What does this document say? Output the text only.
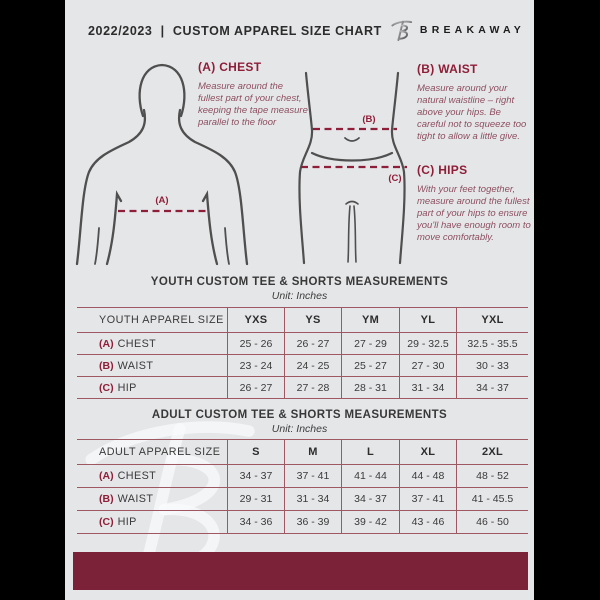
2022/2023  |  CUSTOM APPAREL SIZE CHART	BREAKAWAY
(A)
(B)
(C)
(A) CHEST

Measure around the fullest part of your chest, keeping the tape measure parallel to the floor

(B) WAIST

Measure around your natural waistline – right above your hips. Be careful not to squeeze too tight to allow a little give.

(C) HIPS

With your feet together, measure around the fullest part of your hips to ensure you'll have enough room to move comfortably.

YOUTH CUSTOM TEE & SHORTS MEASUREMENTS
Unit: Inches
YOUTH APPAREL SIZE	YXS	YS	YM	YL	YXL
(A) CHEST	25 - 26	26 - 27	27 - 29	29 - 32.5	32.5 - 35.5
(B) WAIST	23 - 24	24 - 25	25 - 27	27 - 30	30 - 33
(C) HIP	26 - 27	27 - 28	28 - 31	31 - 34	34 - 37
ADULT CUSTOM TEE & SHORTS MEASUREMENTS
Unit: Inches
ADULT APPAREL SIZE	S	M	L	XL	2XL
(A) CHEST	34 - 37	37 - 41	41 - 44	44 - 48	48 - 52
(B) WAIST	29 - 31	31 - 34	34 - 37	37 - 41	41 - 45.5
(C) HIP	34 - 36	36 - 39	39 - 42	43 - 46	46 - 50
